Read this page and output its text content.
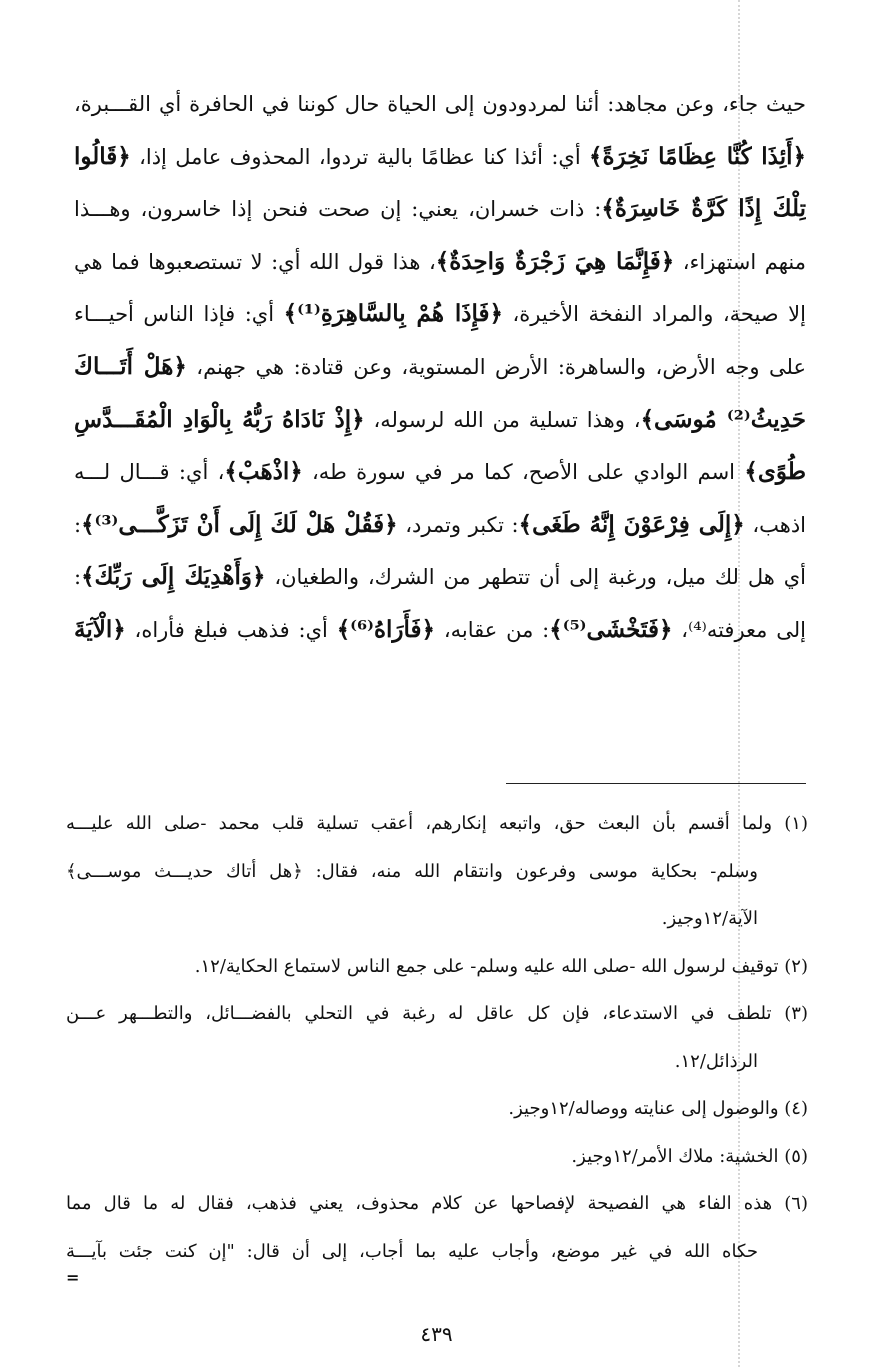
حيث جاء، وعن مجاهد: أئنا لمردودون إلى الحياة حال كوننا في الحافرة أي القـــبرة،
﴿أَئِذَا كُنَّا عِظَامًا نَخِرَةً﴾ أي: أئذا كنا عظامًا بالية تردوا، المحذوف عامل إذا، ﴿قَالُوا
تِلْكَ إِذًا كَرَّةٌ خَاسِرَةٌ﴾: ذات خسران، يعني: إن صحت فنحن إذا خاسرون، وهـــذا
منهم استهزاء، ﴿فَإِنَّمَا هِيَ زَجْرَةٌ وَاحِدَةٌ﴾، هذا قول الله أي: لا تستصعبوها فما هي
إلا صيحة، والمراد النفخة الأخيرة، ﴿فَإِذَا هُمْ بِالسَّاهِرَةِ⁽¹⁾﴾ أي: فإذا الناس أحيـــاء
على وجه الأرض، والساهرة: الأرض المستوية، وعن قتادة: هي جهنم، ﴿هَلْ أَتَـــاكَ
حَدِيثُ⁽²⁾ مُوسَى﴾، وهذا تسلية من الله لرسوله، ﴿إِذْ نَادَاهُ رَبُّهُ بِالْوَادِ الْمُقَـــدَّسِ
طُوًى﴾ اسم الوادي على الأصح، كما مر في سورة طه، ﴿اذْهَبْ﴾، أي: قـــال لـــه
اذهب، ﴿إِلَى فِرْعَوْنَ إِنَّهُ طَغَى﴾: تكبر وتمرد، ﴿فَقُلْ هَلْ لَكَ إِلَى أَنْ تَزَكَّـــى⁽³⁾﴾:
أي هل لك ميل، ورغبة إلى أن تتطهر من الشرك، والطغيان، ﴿وَأَهْدِيَكَ إِلَى رَبِّكَ﴾:
إلى معرفته⁽⁴⁾، ﴿فَتَخْشَى⁽⁵⁾﴾: من عقابه، ﴿فَأَرَاهُ⁽⁶⁾﴾ أي: فذهب فبلغ فأراه، ﴿الْآيَةَ
(١) ولما أقسم بأن البعث حق، واتبعه إنكارهم، أعقب تسلية قلب محمد -صلى الله عليـــه
وسلم- بحكاية موسى وفرعون وانتقام الله منه، فقال: ﴿هل أتاك حديـــث موســـى﴾
الآية/١٢وجيز.
(٢) توقيف لرسول الله -صلى الله عليه وسلم- على جمع الناس لاستماع الحكاية/١٢.
(٣) تلطف في الاستدعاء، فإن كل عاقل له رغبة في التحلي بالفضـــائل، والتطـــهر عـــن
الرذائل/١٢.
(٤) والوصول إلى عنايته ووصاله/١٢وجيز.
(٥) الخشية: ملاك الأمر/١٢وجيز.
(٦) هذه الفاء هي الفصيحة لإفصاحها عن كلام محذوف، يعني فذهب، فقال له ما قال مما
حكاه الله في غير موضع، وأجاب عليه بما أجاب، إلى أن قال: "إن كنت جئت بآيـــة
=
٤٣٩
